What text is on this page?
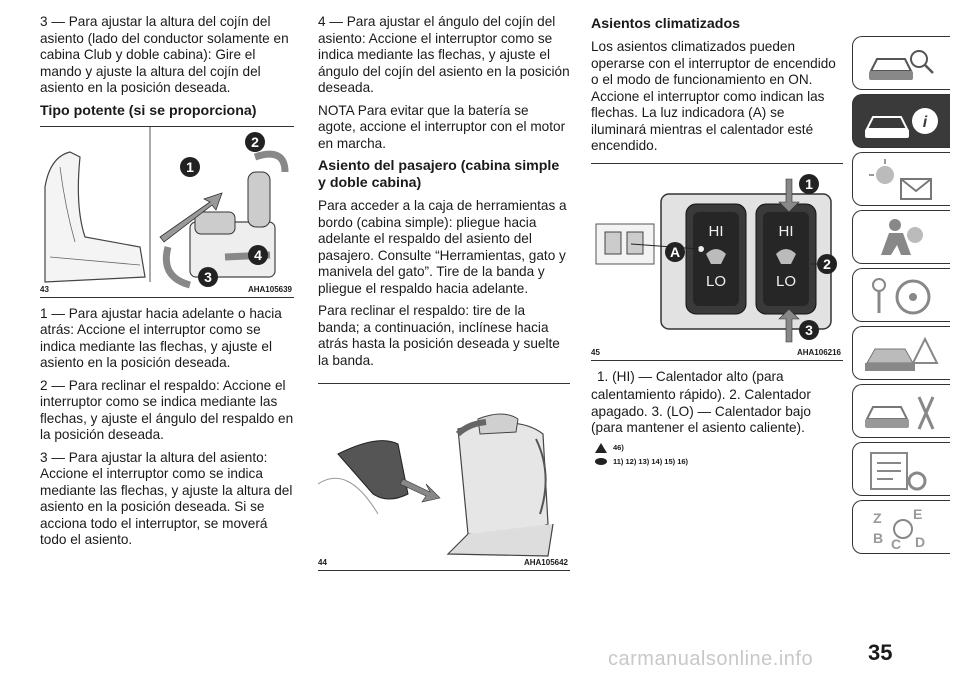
3 — Para ajustar la altura del cojín del asiento (lado del conductor solamente en cabina Club y doble cabina): Gire el mando y ajuste la altura del cojín del asiento en la posición deseada.

Tipo potente (si se proporciona)
1
2
3
4
43	AHA105639

1 — Para ajustar hacia adelante o hacia atrás: Accione el interruptor como se indica mediante las flechas, y ajuste el asiento en la posición deseada.

2 — Para reclinar el respaldo: Accione el interruptor como se indica mediante las flechas, y ajuste el ángulo del respaldo en la posición deseada.

3 — Para ajustar la altura del asiento: Accione el interruptor como se indica mediante las flechas, y ajuste la altura del asiento en la posición deseada. Si se acciona todo el interruptor, se moverá todo el asiento.

4 — Para ajustar el ángulo del cojín del asiento: Accione el interruptor como se indica mediante las flechas, y ajuste el ángulo del cojín del asiento en la posición deseada.

NOTA Para evitar que la batería se agote, accione el interruptor con el motor en marcha.

Asiento del pasajero (cabina simple y doble cabina)

Para acceder a la caja de herramientas a bordo (cabina simple): pliegue hacia adelante el respaldo del asiento del pasajero. Consulte “Herramientas, gato y manivela del gato”. Tire de la banda y pliegue el respaldo hacia adelante.

Para reclinar el respaldo: tire de la banda; a continuación, inclínese hacia atrás hasta la posición deseada y suelte la banda.

44	AHA105642
Asientos climatizados

Los asientos climatizados pueden operarse con el interruptor de encendido o el modo de funcionamiento en ON. Accione el interruptor como indican las flechas. La luz indicadora (A) se iluminará mientras el calentador esté encendido.

HI
LO
HI
LO
1
2
3
A
45	AHA106216

1. (HI) — Calentador alto (para

calentamiento rápido). 2. Calentador apagado. 3. (LO) — Calentador bajo (para mantener el asiento caliente).

46)
11) 12) 13) 14) 15) 16)
i
Z E
B C D
carmanualsonline.info 35
